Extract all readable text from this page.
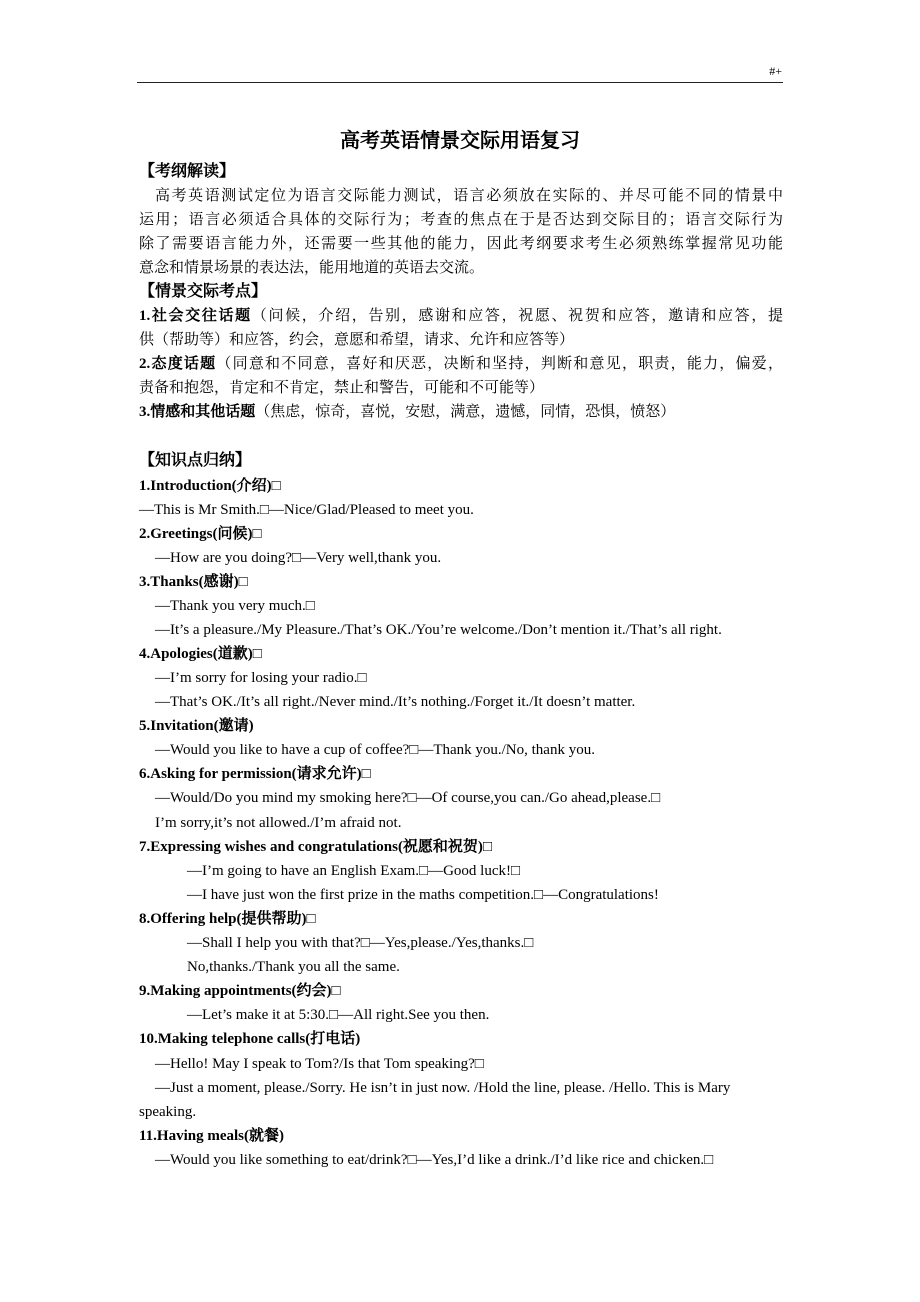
#+
高考英语情景交际用语复习
【考纲解读】
高考英语测试定位为语言交际能力测试，语言必须放在实际的、并尽可能不同的情景中
运用；语言必须适合具体的交际行为；考查的焦点在于是否达到交际目的；语言交际行为
除了需要语言能力外，还需要一些其他的能力，因此考纲要求考生必须熟练掌握常见功能
意念和情景场景的表达法，能用地道的英语去交流。
【情景交际考点】
1.社会交往话题（问候，介绍，告别，感谢和应答，祝愿、祝贺和应答，邀请和应答，提
供（帮助等）和应答，约会，意愿和希望，请求、允许和应答等）
2.态度话题（同意和不同意，喜好和厌恶，决断和坚持，判断和意见，职责，能力，偏爱，
责备和抱怨，肯定和不肯定，禁止和警告，可能和不可能等）
3.情感和其他话题（焦虑，惊奇，喜悦，安慰，满意，遗憾，同情，恐惧，愤怒）
【知识点归纳】
1.Introduction(介绍)□
—This is Mr Smith.□—Nice/Glad/Pleased to meet you.
2.Greetings(问候)□
—How are you doing?□—Very well,thank you.
3.Thanks(感谢)□
—Thank you very much.□
—It’s a pleasure./My Pleasure./That’s OK./You’re welcome./Don’t mention it./That’s all right.
4.Apologies(道歉)□
—I’m sorry for losing your radio.□
—That’s OK./It’s all right./Never mind./It’s nothing./Forget it./It doesn’t matter.
5.Invitation(邀请)
—Would you like to have a cup of coffee?□—Thank you./No, thank you.
6.Asking for permission(请求允许)□
—Would/Do you mind my smoking here?□—Of course,you can./Go ahead,please.□
I’m sorry,it’s not allowed./I’m afraid not.
7.Expressing wishes and congratulations(祝愿和祝贺)□
—I’m going to have an English Exam.□—Good luck!□
—I have just won the first prize in the maths competition.□—Congratulations!
8.Offering help(提供帮助)□
—Shall I help you with that?□—Yes,please./Yes,thanks.□
No,thanks./Thank you all the same.
9.Making appointments(约会)□
—Let’s make it at 5:30.□—All right.See you then.
10.Making telephone calls(打电话)
—Hello! May I speak to Tom?/Is that Tom speaking?□
—Just a moment, please./Sorry. He isn’t in just now. /Hold the line, please. /Hello. This is Mary
speaking.
11.Having meals(就餐)
—Would you like something to eat/drink?□—Yes,I’d like a drink./I’d like rice and chicken.□
